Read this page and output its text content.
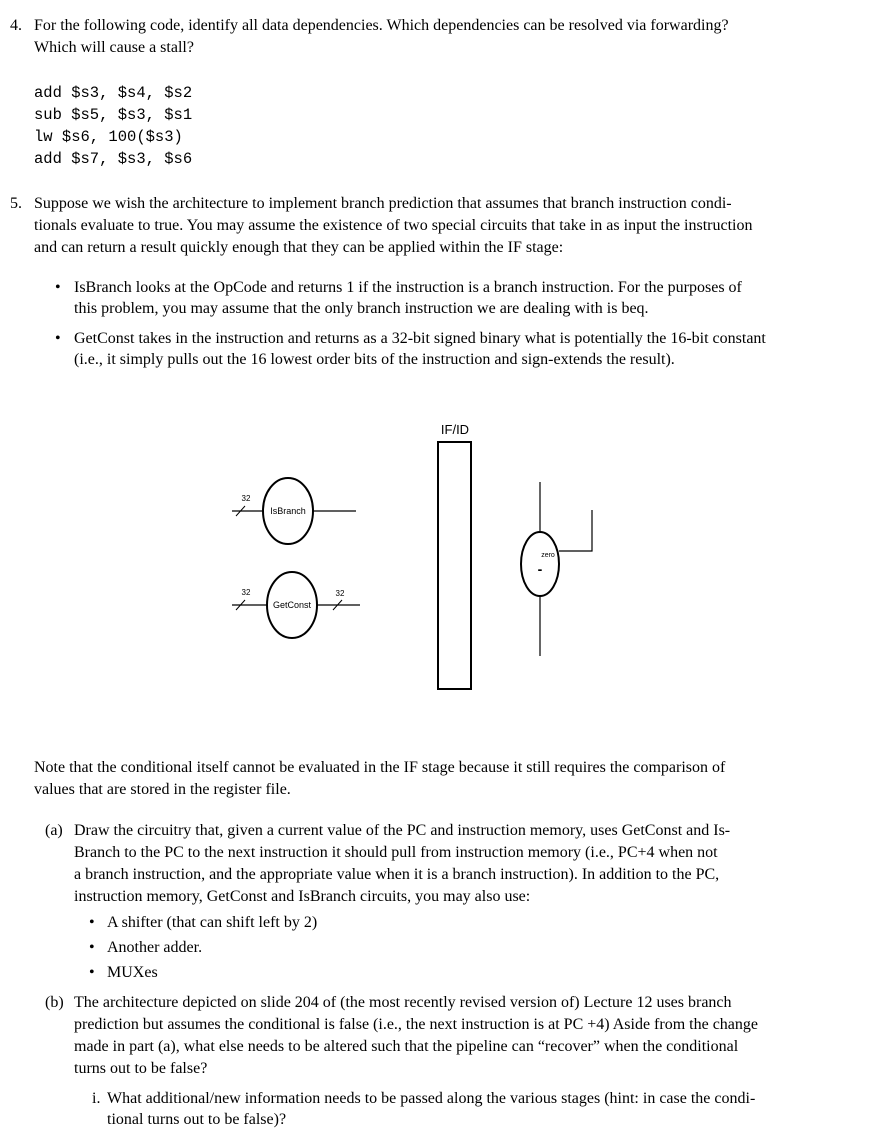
4. For the following code, identify all data dependencies. Which dependencies can be resolved via forwarding?
Which will cause a stall?
add $s3, $s4, $s2
sub $s5, $s3, $s1
lw $s6, 100($s3)
add $s7, $s3, $s6
5. Suppose we wish the architecture to implement branch prediction that assumes that branch instruction condi-
tionals evaluate to true. You may assume the existence of two special circuits that take in as input the instruction
and can return a result quickly enough that they can be applied within the IF stage:
• IsBranch looks at the OpCode and returns 1 if the instruction is a branch instruction. For the purposes of
this problem, you may assume that the only branch instruction we are dealing with is beq.
• GetConst takes in the instruction and returns as a 32-bit signed binary what is potentially the 16-bit constant
(i.e., it simply pulls out the 16 lowest order bits of the instruction and sign-extends the result).
IF/ID
32
IsBranch
32
GetConst
32
zero
-
Note that the conditional itself cannot be evaluated in the IF stage because it still requires the comparison of
values that are stored in the register file.
(a) Draw the circuitry that, given a current value of the PC and instruction memory, uses GetConst and Is-
Branch to the PC to the next instruction it should pull from instruction memory (i.e., PC+4 when not
a branch instruction, and the appropriate value when it is a branch instruction). In addition to the PC,
instruction memory, GetConst and IsBranch circuits, you may also use:
• A shifter (that can shift left by 2)
• Another adder.
• MUXes
(b) The architecture depicted on slide 204 of (the most recently revised version of) Lecture 12 uses branch
prediction but assumes the conditional is false (i.e., the next instruction is at PC +4) Aside from the change
made in part (a), what else needs to be altered such that the pipeline can “recover” when the conditional
turns out to be false?
i. What additional/new information needs to be passed along the various stages (hint: in case the condi-
tional turns out to be false)?
